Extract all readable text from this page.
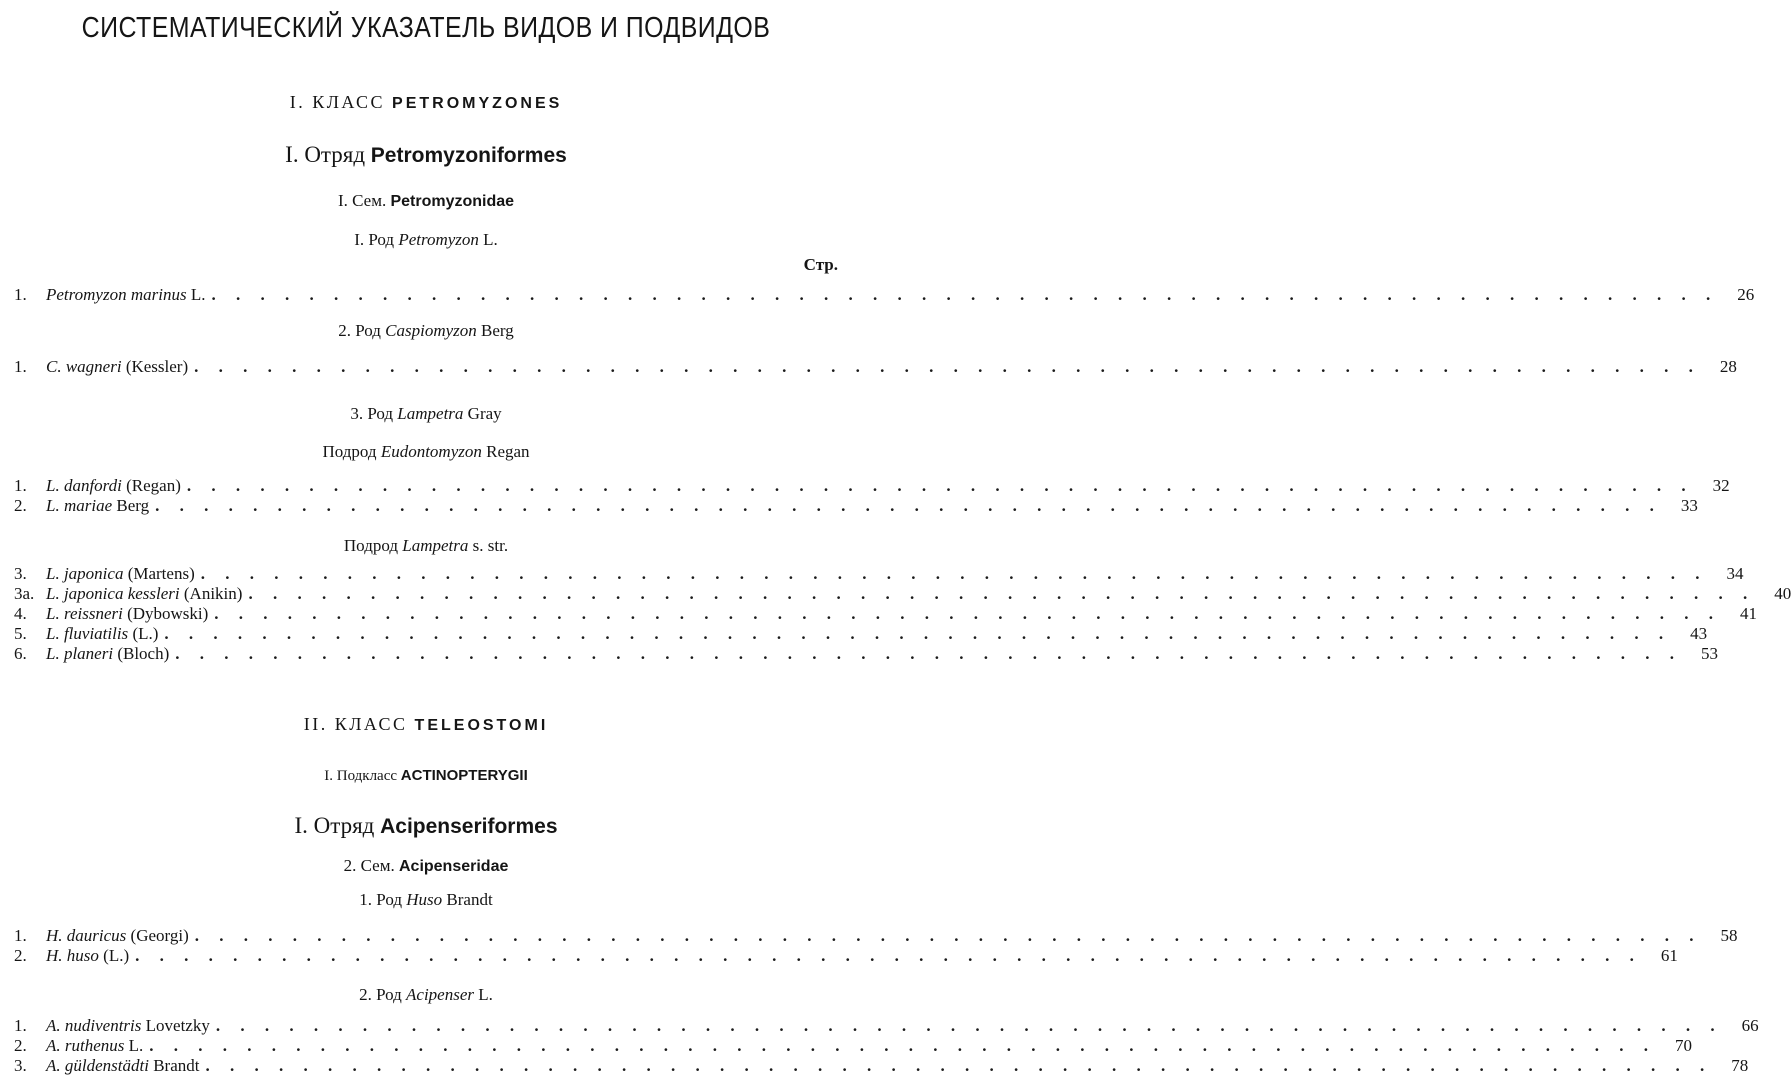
СИСТЕМАТИЧЕСКИЙ УКАЗАТЕЛЬ ВИДОВ И ПОДВИДОВ
I. КЛАСС PETROMYZONES
I. Отряд Petromyzoniformes
I. Сем. Petromyzonidae
I. Род Petromyzon L.
Стр.
1.	Petromyzon marinus L. . . . . . . . . . . . . . . . . . . . . . . . . . . . . . . . . . . . . . . . . . . . . . . . . . . . . . . . . . . . . . .	26
2. Род Caspiomyzon Berg
1.	C. wagneri (Kessler) . . . . . . . . . . . . . . . . . . . . . . . . . . . . . . . . . . . . . . . . . . . . . . . . . . . . . . . . . . . . . .	28
3. Род Lampetra Gray
Подрод Eudontomyzon Regan
1.	L. danfordi (Regan) . . . . . . . . . . . . . . . . . . . . . . . . . . . . . . . . . . . . . . . . . . . . . . . . . . . . . . . . . . . . . .	32
2.	L. mariae Berg . . . . . . . . . . . . . . . . . . . . . . . . . . . . . . . . . . . . . . . . . . . . . . . . . . . . . . . . . . . . . .	33
Подрод Lampetra s. str.
3.	L. japonica (Martens) . . . . . . . . . . . . . . . . . . . . . . . . . . . . . . . . . . . . . . . . . . . . . . . . . . . . . . . . . . . . . .	34
3a. L. japonica kessleri (Anikin) . . . . . . . . . . . . . . . . . . . . . . . . . . . . . . . . . . . . . . . . . . . . . . . . . . . . . . . . . . . . . .	40
4.	L. reissneri (Dybowski) . . . . . . . . . . . . . . . . . . . . . . . . . . . . . . . . . . . . . . . . . . . . . . . . . . . . . . . . . . . . . .	41
5.	L. fluviatilis (L.) . . . . . . . . . . . . . . . . . . . . . . . . . . . . . . . . . . . . . . . . . . . . . . . . . . . . . . . . . . . . . .	43
6.	L. planeri (Bloch) . . . . . . . . . . . . . . . . . . . . . . . . . . . . . . . . . . . . . . . . . . . . . . . . . . . . . . . . . . . . . .	53
II. КЛАСС TELEOSTOMI
I. Подкласс ACTINOPTERYGII
I. Отряд Acipenseriformes
2. Сем. Acipenseridae
1. Род Huso Brandt
1.	H. dauricus (Georgi) . . . . . . . . . . . . . . . . . . . . . . . . . . . . . . . . . . . . . . . . . . . . . . . . . . . . . . . . . . . . . .	58
2.	H. huso (L.) . . . . . . . . . . . . . . . . . . . . . . . . . . . . . . . . . . . . . . . . . . . . . . . . . . . . . . . . . . . . . .	61
2. Род Acipenser L.
1.	A. nudiventris Lovetzky . . . . . . . . . . . . . . . . . . . . . . . . . . . . . . . . . . . . . . . . . . . . . . . . . . . . . . . . . . . . . .	66
2.	A. ruthenus L. . . . . . . . . . . . . . . . . . . . . . . . . . . . . . . . . . . . . . . . . . . . . . . . . . . . . . . . . . . . . . .	70
3.	A. güldenstädti Brandt . . . . . . . . . . . . . . . . . . . . . . . . . . . . . . . . . . . . . . . . . . . . . . . . . . . . . . . . . . . . . .	78
